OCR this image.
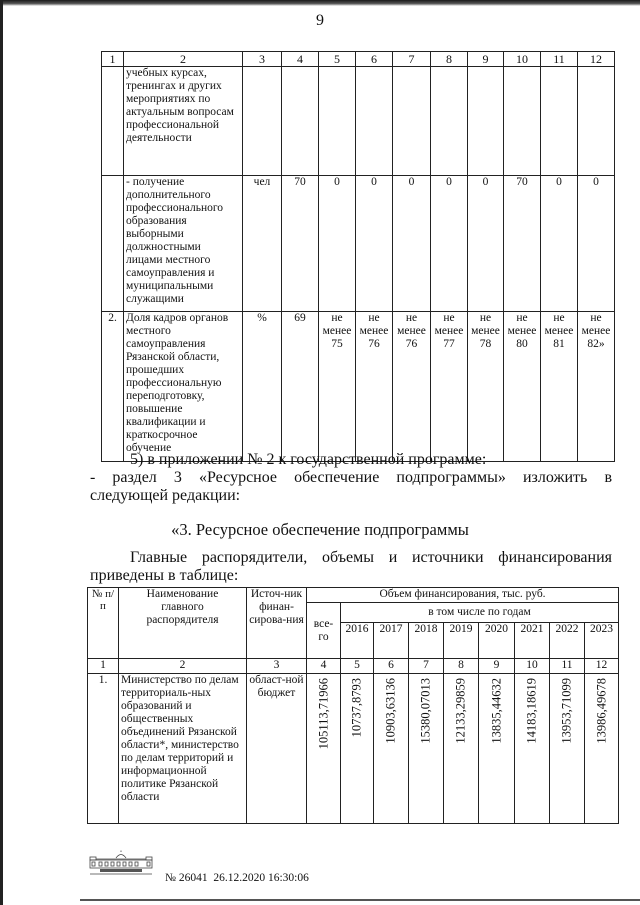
9
1	2	3	4	5	6	7	8	9	10	11	12
	учебных курсах, тренингах и других мероприятиях по актуальным вопросам профессиональной деятельности										
	- получение дополнительного профессионального образования выборными должностными лицами местного самоуправления и муниципальными служащими	чел	70	0	0	0	0	0	70	0	0
2.	Доля кадров органов местного самоуправления Рязанской области, прошедших профессиональную переподготовку, повышение квалификации и краткосрочное обучение	%	69	не менее 75	не менее 76	не менее 76	не менее 77	не менее 78	не менее 80	не менее 81	не менее 82»
5) в приложении № 2 к государственной программе:
- раздел 3 «Ресурсное обеспечение подпрограммы» изложить в
следующей редакции:
«3. Ресурсное обеспечение подпрограммы
Главные распорядители, объемы и источники финансирования
приведены в таблице:
№ п/п	Наименование главного распорядителя	Источ-ник финан-сирова-ния	Объем финансирования, тыс. руб.								
			все-го	в том числе по годам							
				2016	2017	2018	2019	2020	2021	2022	2023
1	2	3	4	5	6	7	8	9	10	11	12
1.	Министерство по делам территориаль-ных образований и общественных объединений Рязанской области*, министерство по делам территорий и информационной политике Рязанской области	област-ной бюджет	105113,71966	10737,8793	10903,63136	15380,07013	12133,29859	13835,44632	14183,18619	13953,71099	13986,49678
№ 26041 26.12.2020 16:30:06
